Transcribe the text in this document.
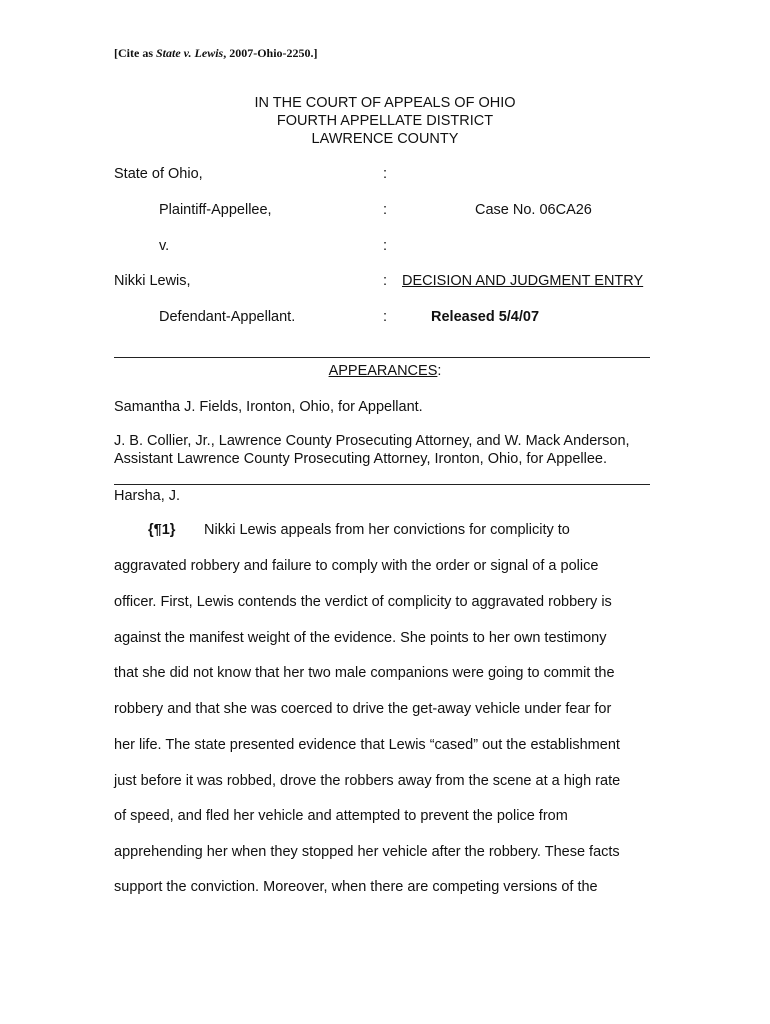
[Cite as State v. Lewis, 2007-Ohio-2250.]
IN THE COURT OF APPEALS OF OHIO
FOURTH APPELLATE DISTRICT
LAWRENCE COUNTY
State of Ohio,
Plaintiff-Appellee,
v.
Nikki Lewis,
Defendant-Appellant.
:
:
:
:
:
Case No. 06CA26
DECISION AND JUDGMENT ENTRY
Released 5/4/07
APPEARANCES:
Samantha J. Fields, Ironton, Ohio, for Appellant.
J. B. Collier, Jr., Lawrence County Prosecuting Attorney, and W. Mack Anderson,
Assistant Lawrence County Prosecuting Attorney, Ironton, Ohio, for Appellee.
Harsha, J.
{¶1} Nikki Lewis appeals from her convictions for complicity to
aggravated robbery and failure to comply with the order or signal of a police
officer. First, Lewis contends the verdict of complicity to aggravated robbery is
against the manifest weight of the evidence. She points to her own testimony
that she did not know that her two male companions were going to commit the
robbery and that she was coerced to drive the get-away vehicle under fear for
her life. The state presented evidence that Lewis “cased” out the establishment
just before it was robbed, drove the robbers away from the scene at a high rate
of speed, and fled her vehicle and attempted to prevent the police from
apprehending her when they stopped her vehicle after the robbery. These facts
support the conviction. Moreover, when there are competing versions of the
